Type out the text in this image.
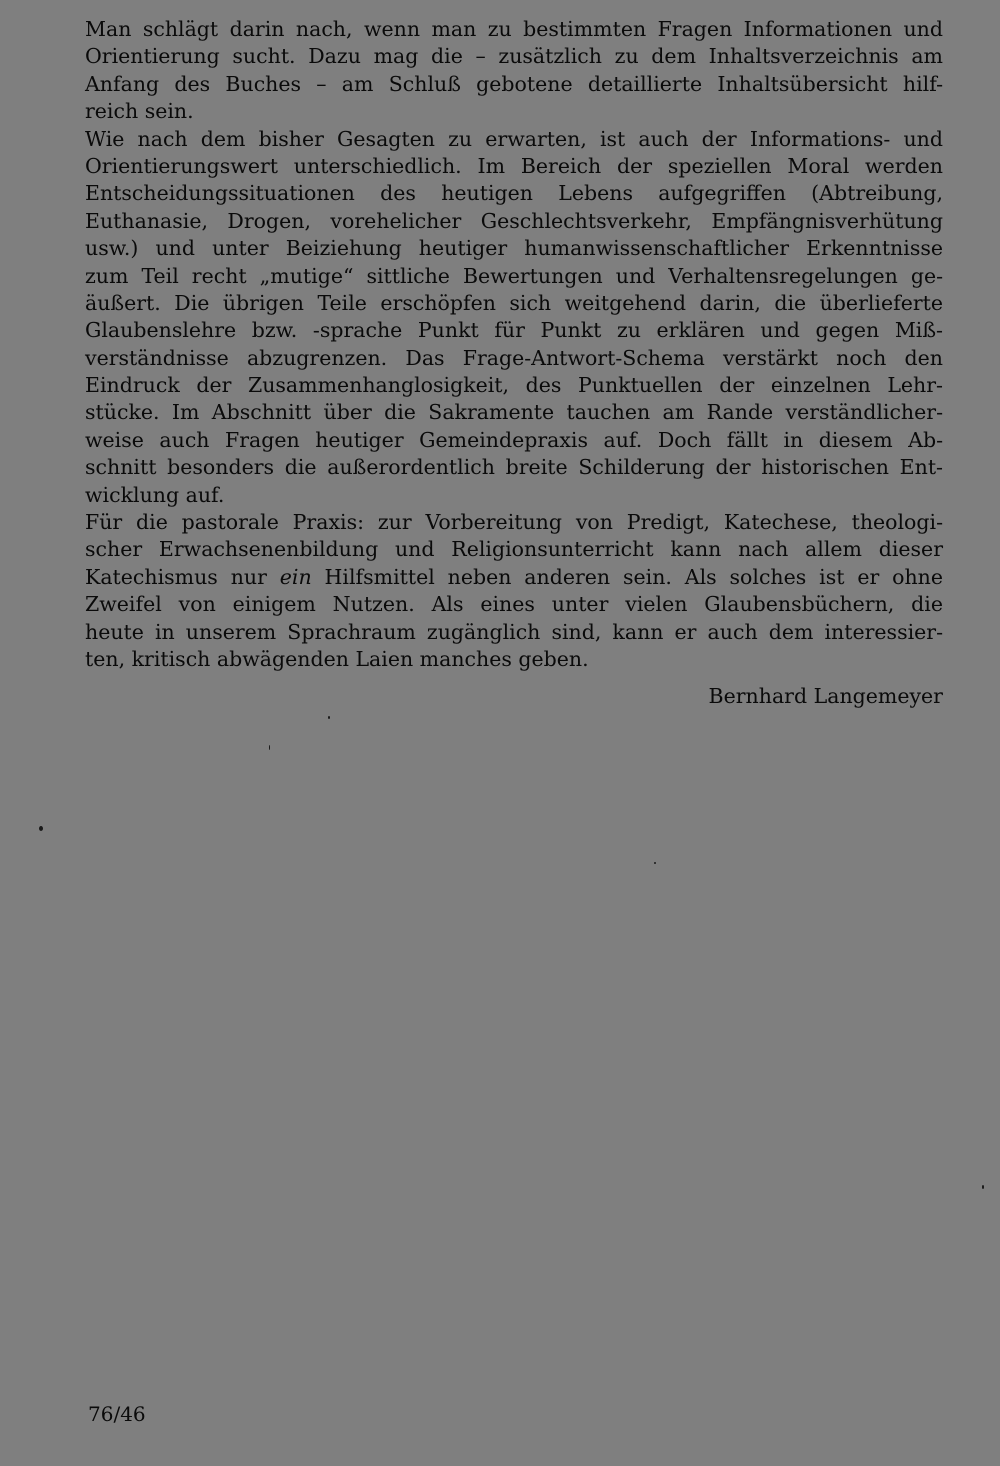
Man schlägt darin nach, wenn man zu bestimmten Fragen Informationen und
Orientierung sucht. Dazu mag die – zusätzlich zu dem Inhaltsverzeichnis am
Anfang des Buches – am Schluß gebotene detaillierte Inhaltsübersicht hilf-
reich sein.
Wie nach dem bisher Gesagten zu erwarten, ist auch der Informations- und
Orientierungswert unterschiedlich. Im Bereich der speziellen Moral werden
Entscheidungssituationen des heutigen Lebens aufgegriffen (Abtreibung,
Euthanasie, Drogen, vorehelicher Geschlechtsverkehr, Empfängnisverhütung
usw.) und unter Beiziehung heutiger humanwissenschaftlicher Erkenntnisse
zum Teil recht „mutige“ sittliche Bewertungen und Verhaltensregelungen ge-
äußert. Die übrigen Teile erschöpfen sich weitgehend darin, die überlieferte
Glaubenslehre bzw. -sprache Punkt für Punkt zu erklären und gegen Miß-
verständnisse abzugrenzen. Das Frage-Antwort-Schema verstärkt noch den
Eindruck der Zusammenhanglosigkeit, des Punktuellen der einzelnen Lehr-
stücke. Im Abschnitt über die Sakramente tauchen am Rande verständlicher-
weise auch Fragen heutiger Gemeindepraxis auf. Doch fällt in diesem Ab-
schnitt besonders die außerordentlich breite Schilderung der historischen Ent-
wicklung auf.
Für die pastorale Praxis: zur Vorbereitung von Predigt, Katechese, theologi-
scher Erwachsenenbildung und Religionsunterricht kann nach allem dieser
Katechismus nur ein Hilfsmittel neben anderen sein. Als solches ist er ohne
Zweifel von einigem Nutzen. Als eines unter vielen Glaubensbüchern, die
heute in unserem Sprachraum zugänglich sind, kann er auch dem interessier-
ten, kritisch abwägenden Laien manches geben.
Bernhard Langemeyer
76/46
